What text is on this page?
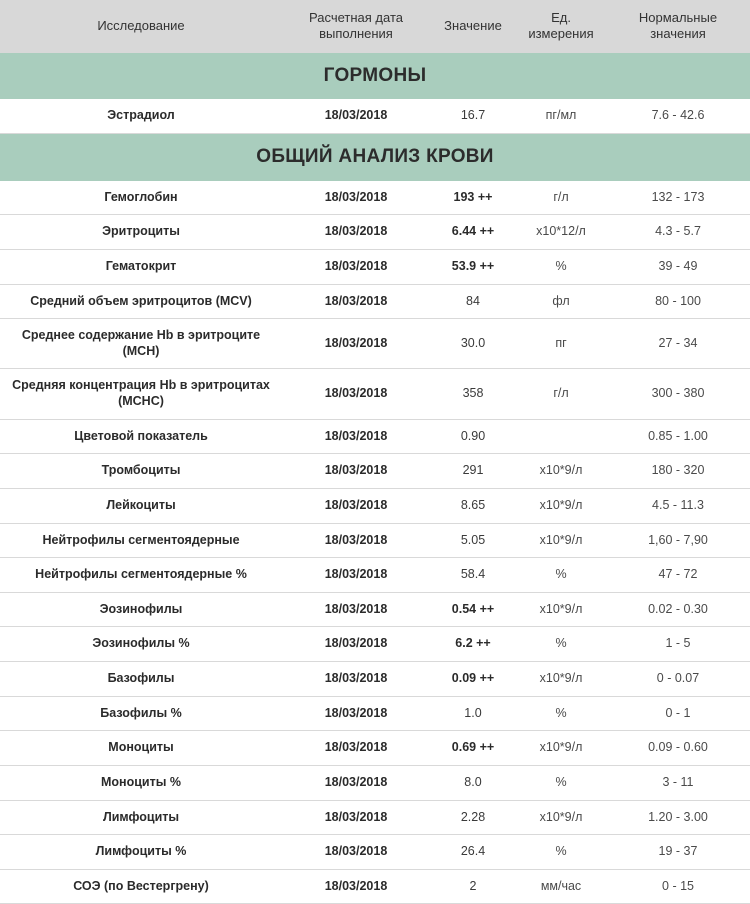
Исследование	Расчетная дата выполнения	Значение	Ед. измерения	Нормальные значения
ГОРМОНЫ				
Эстрадиол	18/03/2018	16.7	пг/мл	7.6 - 42.6
ОБЩИЙ АНАЛИЗ КРОВИ				
Гемоглобин	18/03/2018	193 ++	г/л	132 - 173
Эритроциты	18/03/2018	6.44 ++	х10*12/л	4.3 - 5.7
Гематокрит	18/03/2018	53.9 ++	%	39 - 49
Средний объем эритроцитов (MCV)	18/03/2018	84	фл	80 - 100
Среднее содержание Hb в эритроците (MCH)	18/03/2018	30.0	пг	27 - 34
Средняя концентрация Hb в эритроцитах (MCHC)	18/03/2018	358	г/л	300 - 380
Цветовой показатель	18/03/2018	0.90		0.85 - 1.00
Тромбоциты	18/03/2018	291	х10*9/л	180 - 320
Лейкоциты	18/03/2018	8.65	х10*9/л	4.5 - 11.3
Нейтрофилы сегментоядерные	18/03/2018	5.05	х10*9/л	1,60 - 7,90
Нейтрофилы сегментоядерные %	18/03/2018	58.4	%	47 - 72
Эозинофилы	18/03/2018	0.54 ++	х10*9/л	0.02 - 0.30
Эозинофилы %	18/03/2018	6.2 ++	%	1 - 5
Базофилы	18/03/2018	0.09 ++	х10*9/л	0 - 0.07
Базофилы %	18/03/2018	1.0	%	0 - 1
Моноциты	18/03/2018	0.69 ++	х10*9/л	0.09 - 0.60
Моноциты %	18/03/2018	8.0	%	3 - 11
Лимфоциты	18/03/2018	2.28	х10*9/л	1.20 - 3.00
Лимфоциты %	18/03/2018	26.4	%	19 - 37
СОЭ (по Вестергрену)	18/03/2018	2	мм/час	0 - 15
